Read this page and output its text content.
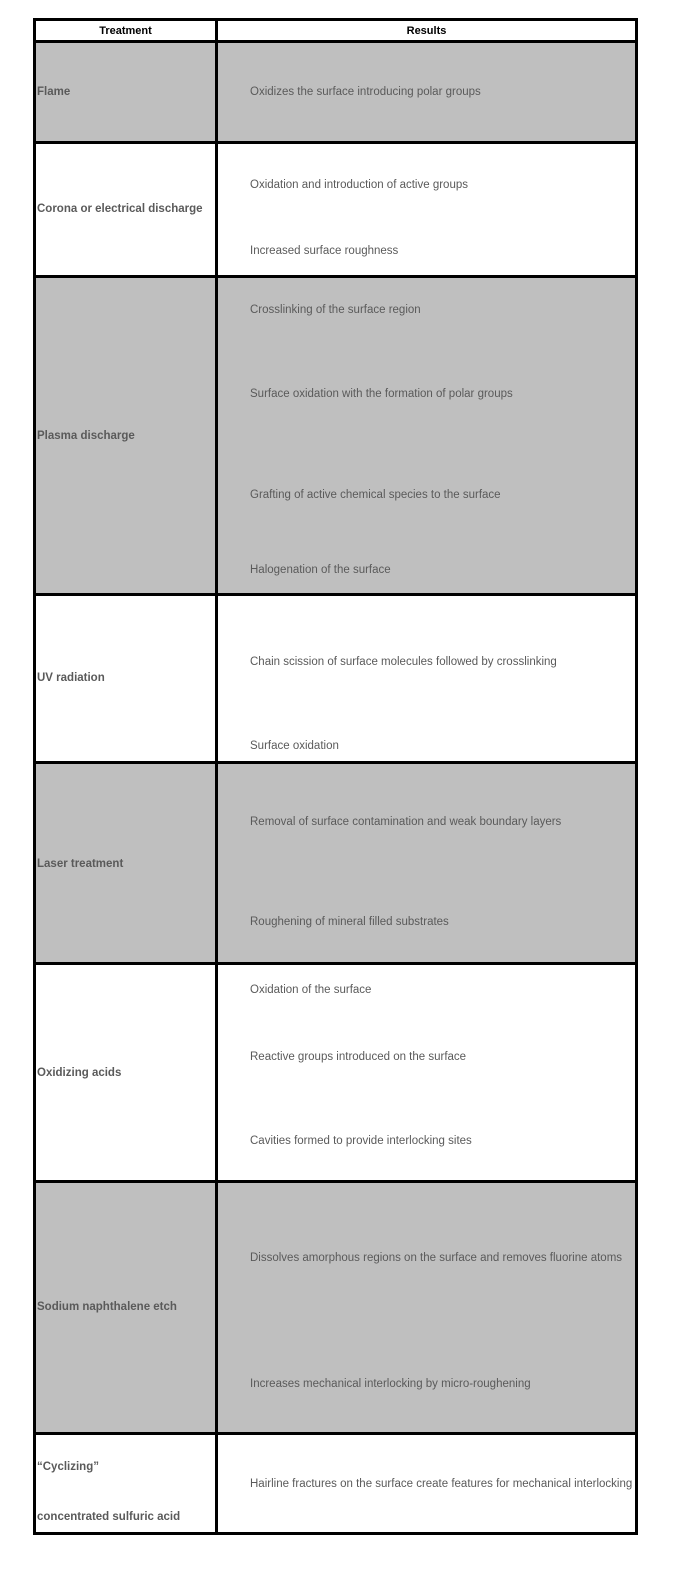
Treatment	Results
Flame	Oxidizes the surface introducing polar groups
Corona or electrical discharge
Oxidation and introduction of active groups
Increased surface roughness
Plasma discharge
Crosslinking of the surface region
Surface oxidation with the formation of polar groups
Grafting of active chemical species to the surface
Halogenation of the surface
UV radiation
Chain scission of surface molecules followed by crosslinking
Surface oxidation
Laser treatment
Removal of surface contamination and weak boundary layers
Roughening of mineral filled substrates
Oxidizing acids
Oxidation of the surface
Reactive groups introduced on the surface
Cavities formed to provide interlocking sites
Sodium naphthalene etch
Dissolves amorphous regions on the surface and removes fluorine atoms
Increases mechanical interlocking by micro-roughening
“Cyclizing”
concentrated sulfuric acid
Hairline fractures on the surface create features for mechanical interlocking
